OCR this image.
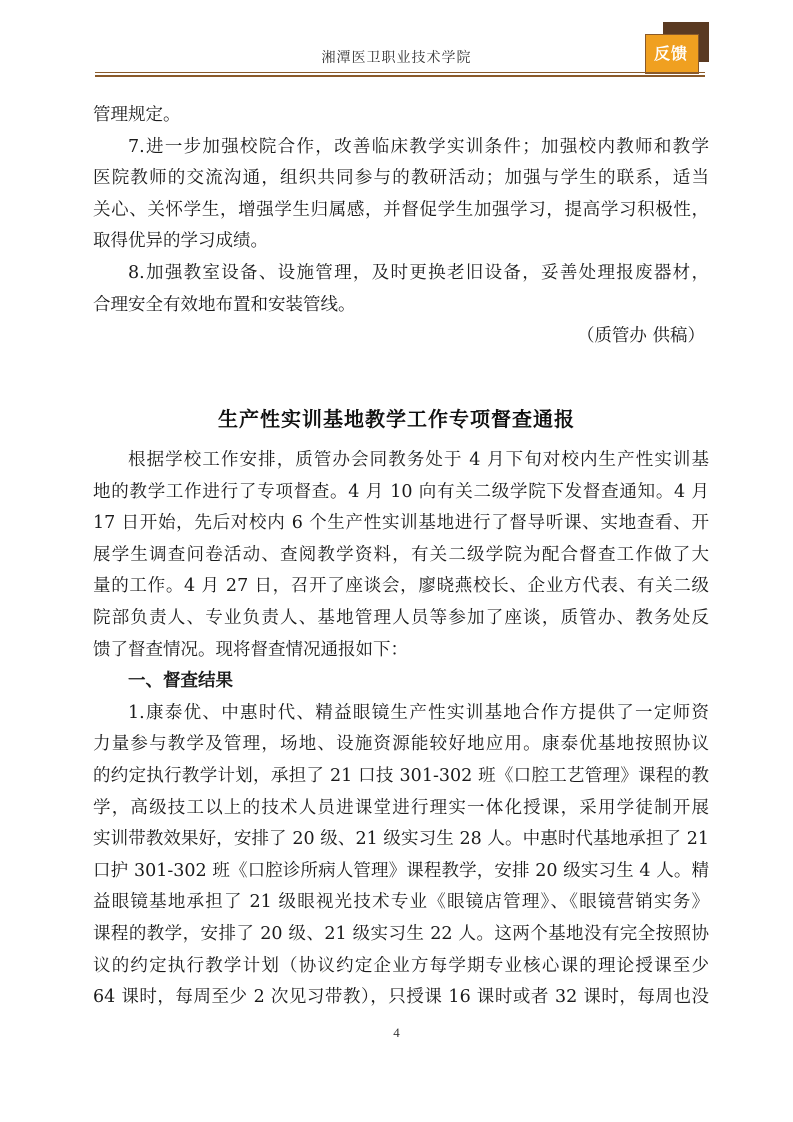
湘潭医卫职业技术学院	反馈
管理规定。
7.进一步加强校院合作，改善临床教学实训条件；加强校内教师和教学
医院教师的交流沟通，组织共同参与的教研活动；加强与学生的联系，适当
关心、关怀学生，增强学生归属感，并督促学生加强学习，提高学习积极性，
取得优异的学习成绩。
8.加强教室设备、设施管理，及时更换老旧设备，妥善处理报废器材，
合理安全有效地布置和安装管线。
（质管办 供稿）
生产性实训基地教学工作专项督查通报
根据学校工作安排，质管办会同教务处于 4 月下旬对校内生产性实训基
地的教学工作进行了专项督查。4 月 10 向有关二级学院下发督查通知。4 月
17 日开始，先后对校内 6 个生产性实训基地进行了督导听课、实地查看、开
展学生调查问卷活动、查阅教学资料，有关二级学院为配合督查工作做了大
量的工作。4 月 27 日，召开了座谈会，廖晓燕校长、企业方代表、有关二级
院部负责人、专业负责人、基地管理人员等参加了座谈，质管办、教务处反
馈了督查情况。现将督查情况通报如下：
一、督查结果
1.康泰优、中惠时代、精益眼镜生产性实训基地合作方提供了一定师资
力量参与教学及管理，场地、设施资源能较好地应用。康泰优基地按照协议
的约定执行教学计划，承担了 21 口技 301-302 班《口腔工艺管理》课程的教
学，高级技工以上的技术人员进课堂进行理实一体化授课，采用学徒制开展
实训带教效果好，安排了 20 级、21 级实习生 28 人。中惠时代基地承担了 21
口护 301-302 班《口腔诊所病人管理》课程教学，安排 20 级实习生 4 人。精
益眼镜基地承担了 21 级眼视光技术专业《眼镜店管理》、《眼镜营销实务》
课程的教学，安排了 20 级、21 级实习生 22 人。这两个基地没有完全按照协
议的约定执行教学计划（协议约定企业方每学期专业核心课的理论授课至少
64 课时，每周至少 2 次见习带教），只授课 16 课时或者 32 课时，每周也没
4
